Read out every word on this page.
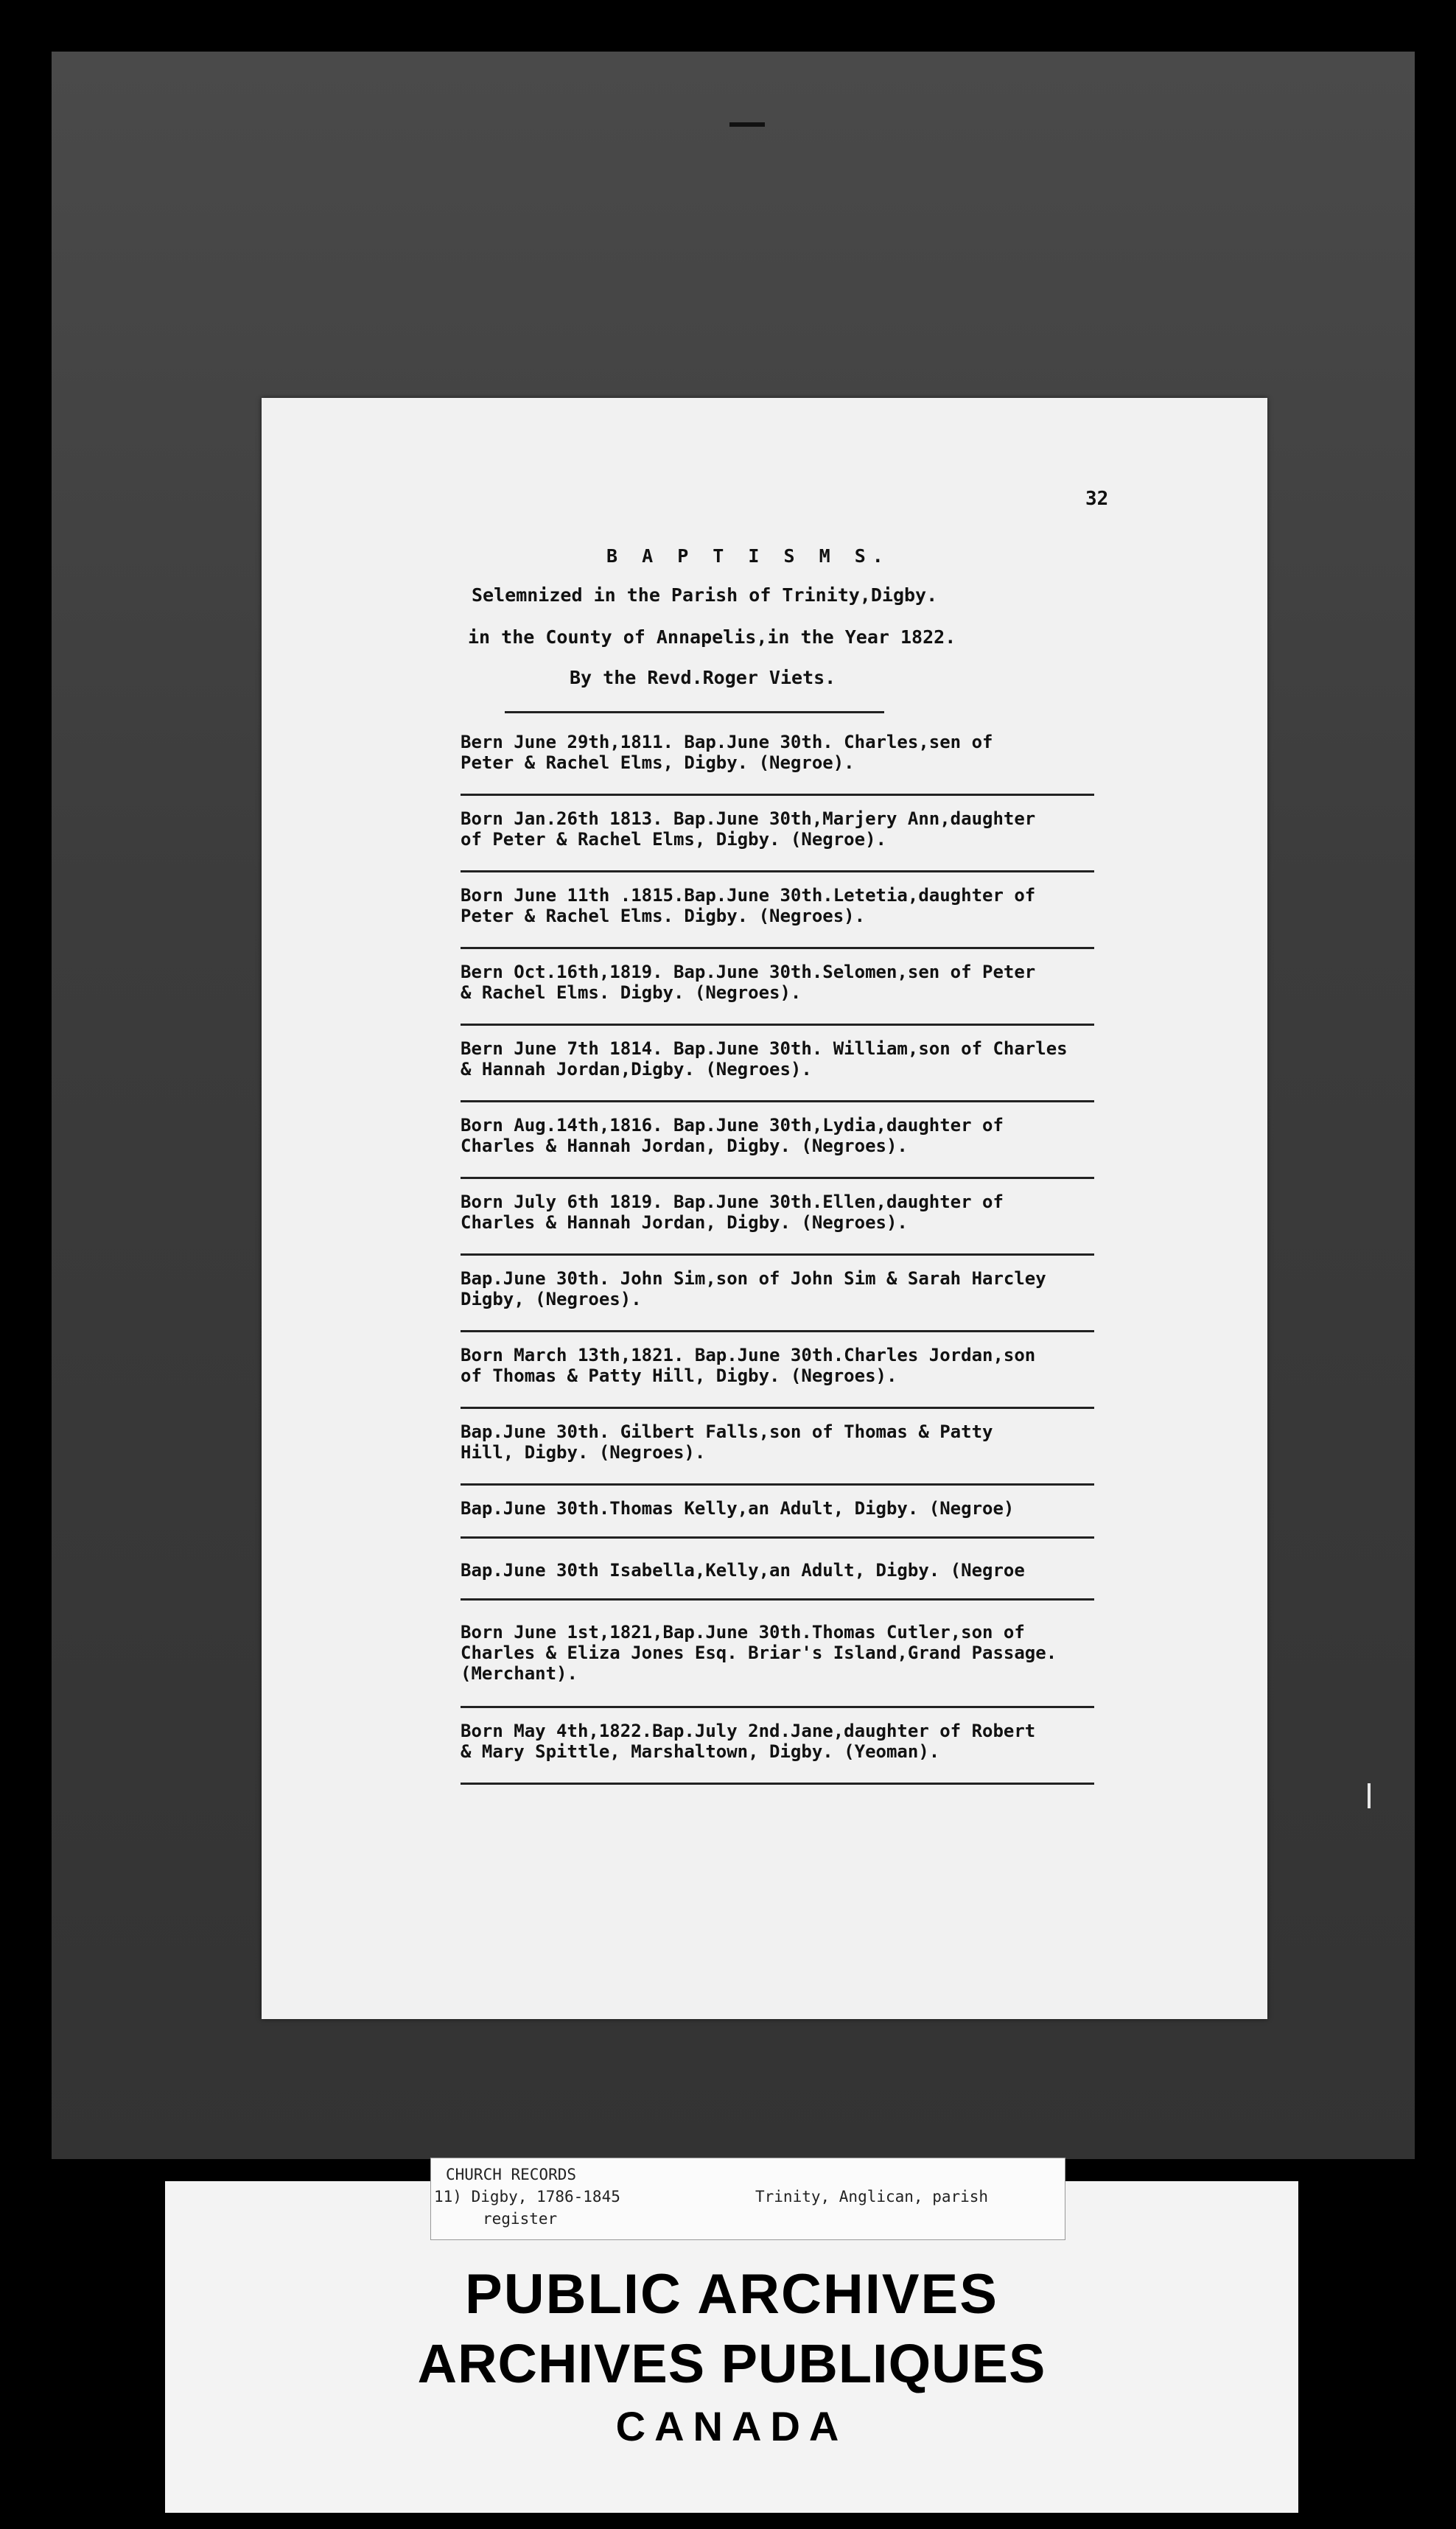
32
B A P T I S M S.
Selemnized in the Parish of Trinity,Digby.
in the County of Annapelis,in the Year 1822.
By the Revd.Roger Viets.
Bern June 29th,1811. Bap.June 30th. Charles,sen of
Peter & Rachel Elms, Digby. (Negroe).
Born Jan.26th 1813. Bap.June 30th,Marjery Ann,daughter
of Peter & Rachel Elms, Digby. (Negroe).
Born June 11th .1815.Bap.June 30th.Letetia,daughter of
Peter & Rachel Elms. Digby. (Negroes).
Bern Oct.16th,1819. Bap.June 30th.Selomen,sen of Peter
& Rachel Elms. Digby. (Negroes).
Bern June 7th 1814. Bap.June 30th. William,son of Charles
& Hannah Jordan,Digby. (Negroes).
Born Aug.14th,1816. Bap.June 30th,Lydia,daughter of
Charles & Hannah Jordan, Digby. (Negroes).
Born July 6th 1819. Bap.June 30th.Ellen,daughter of
Charles & Hannah Jordan, Digby. (Negroes).
Bap.June 30th. John Sim,son of John Sim & Sarah Harcley
Digby, (Negroes).
Born March 13th,1821. Bap.June 30th.Charles Jordan,son
of Thomas & Patty Hill, Digby. (Negroes).
Bap.June 30th. Gilbert Falls,son of Thomas & Patty
Hill, Digby. (Negroes).
Bap.June 30th.Thomas Kelly,an Adult, Digby. (Negroe)
Bap.June 30th Isabella,Kelly,an Adult, Digby. (Negroe
Born June 1st,1821,Bap.June 30th.Thomas Cutler,son of
Charles & Eliza Jones Esq. Briar's Island,Grand Passage.
(Merchant).
Born May 4th,1822.Bap.July 2nd.Jane,daughter of Robert
& Mary Spittle, Marshaltown, Digby. (Yeoman).
CHURCH RECORDS
11) Digby, 1786-1845	Trinity, Anglican, parish
register
PUBLIC ARCHIVES
ARCHIVES PUBLIQUES
CANADA
